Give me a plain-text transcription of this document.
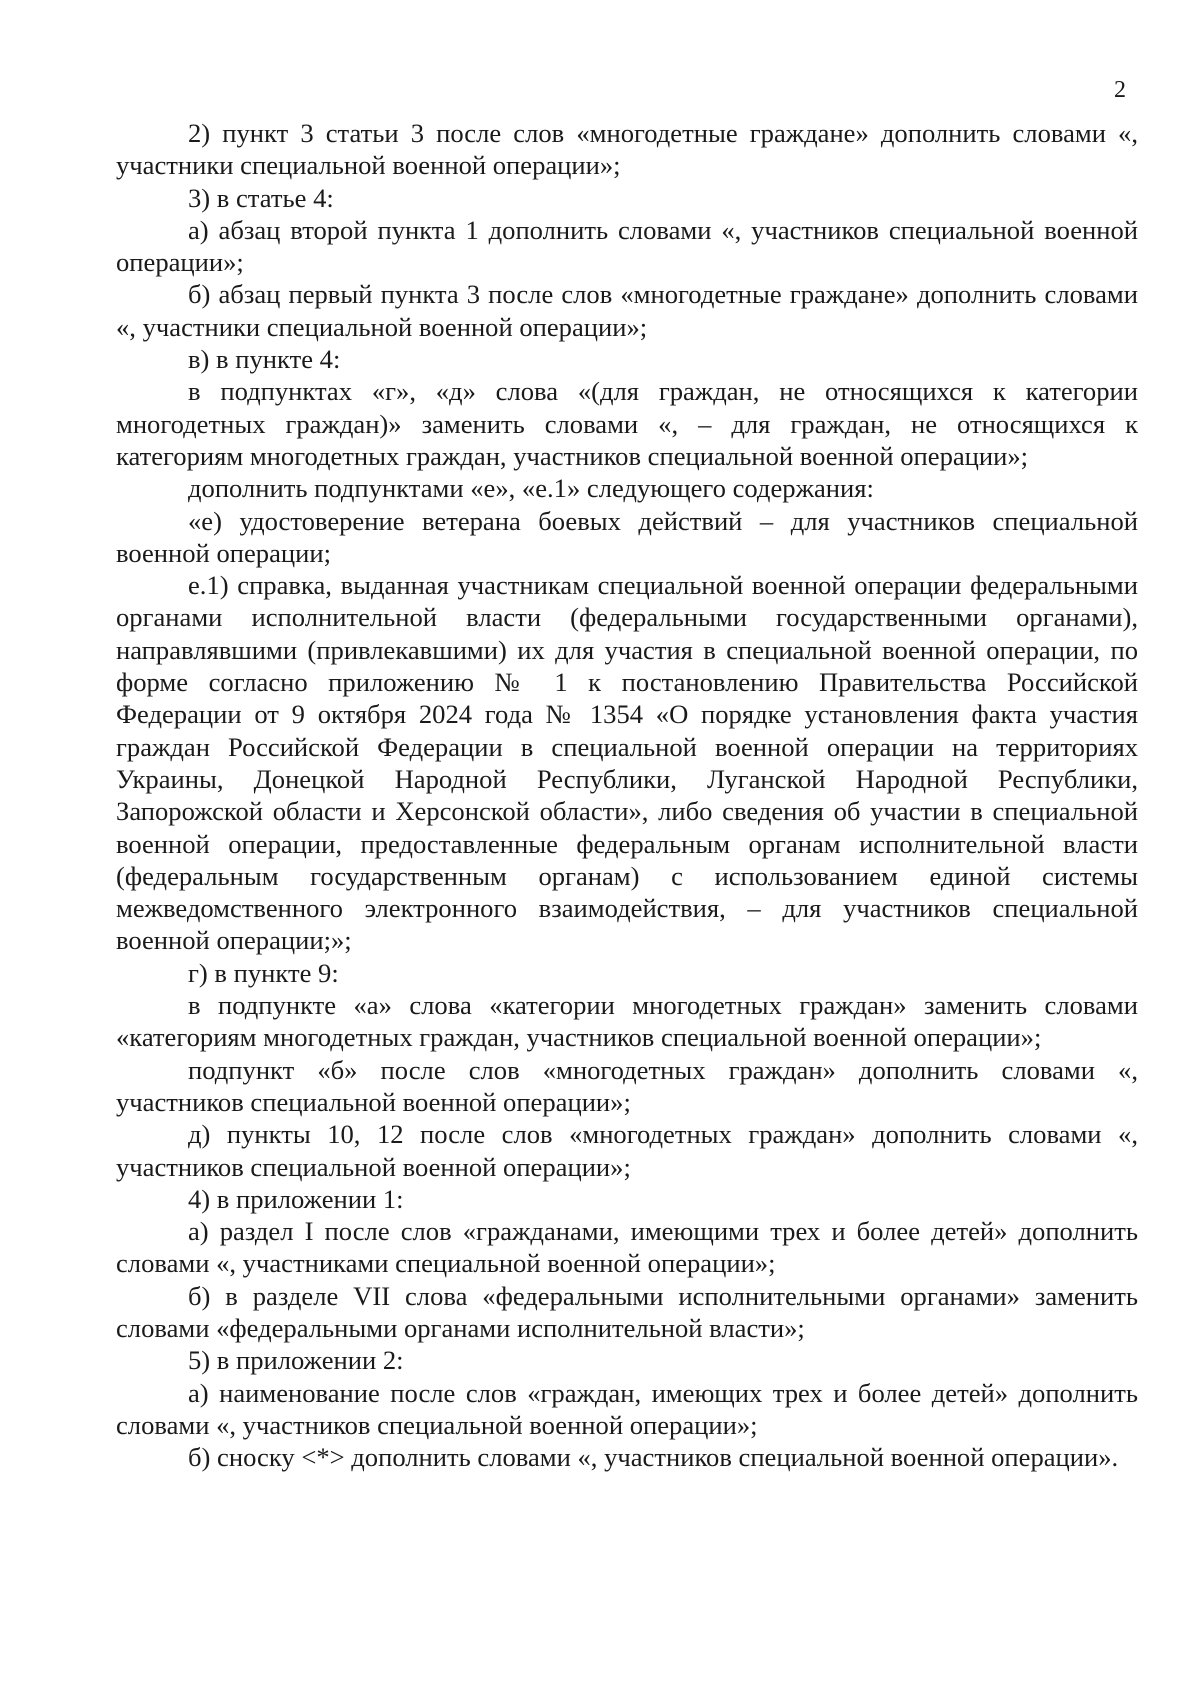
2

2) пункт 3 статьи 3 после слов «многодетные граждане» дополнить словами «, участники специальной военной операции»;

3) в статье 4:

а) абзац второй пункта 1 дополнить словами «, участников специальной военной операции»;

б) абзац первый пункта 3 после слов «многодетные граждане» дополнить словами «, участники специальной военной операции»;

в) в пункте 4:

в подпунктах «г», «д» слова «(для граждан, не относящихся к категории многодетных граждан)» заменить словами «, – для граждан, не относящихся к категориям многодетных граждан, участников специальной военной операции»;

дополнить подпунктами «е», «е.1» следующего содержания:

«е) удостоверение ветерана боевых действий – для участников специальной военной операции;

е.1) справка, выданная участникам специальной военной операции федеральными органами исполнительной власти (федеральными государственными органами), направлявшими (привлекавшими) их для участия в специальной военной операции, по форме согласно приложению № 1 к постановлению Правительства Российской Федерации от 9 октября 2024 года № 1354 «О порядке установления факта участия граждан Российской Федерации в специальной военной операции на территориях Украины, Донецкой Народной Республики, Луганской Народной Республики, Запорожской области и Херсонской области», либо сведения об участии в специальной военной операции, предоставленные федеральным органам исполнительной власти (федеральным государственным органам) с использованием единой системы межведомственного электронного взаимодействия, – для участников специальной военной операции;»;

г) в пункте 9:

в подпункте «а» слова «категории многодетных граждан» заменить словами «категориям многодетных граждан, участников специальной военной операции»;

подпункт «б» после слов «многодетных граждан» дополнить словами «, участников специальной военной операции»;

д) пункты 10, 12 после слов «многодетных граждан» дополнить словами «, участников специальной военной операции»;

4) в приложении 1:

а) раздел I после слов «гражданами, имеющими трех и более детей» дополнить словами «, участниками специальной военной операции»;

б) в разделе VII слова «федеральными исполнительными органами» заменить словами «федеральными органами исполнительной власти»;

5) в приложении 2:

а) наименование после слов «граждан, имеющих трех и более детей» дополнить словами «, участников специальной военной операции»;

б) сноску <*> дополнить словами «, участников специальной военной операции».
